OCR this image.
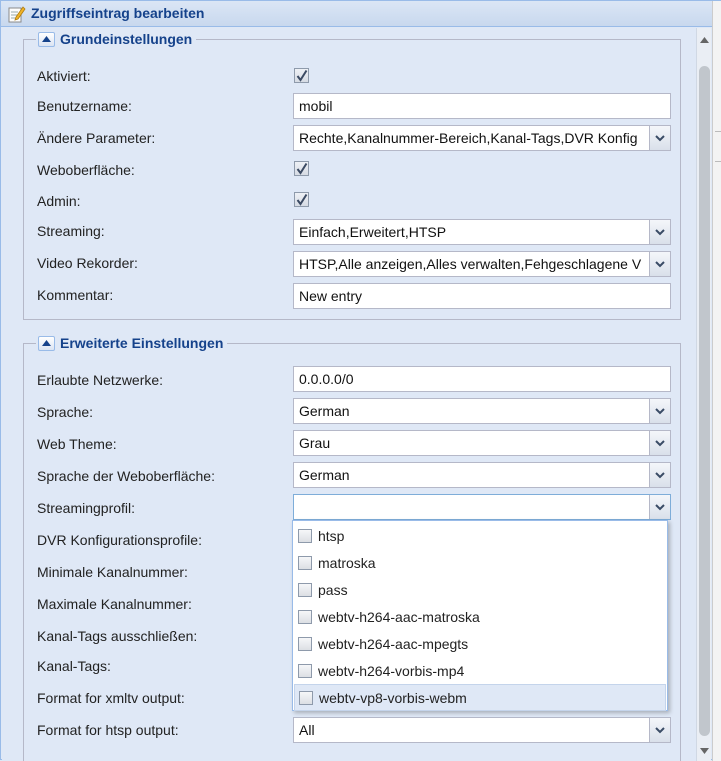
Zugriffseintrag bearbeiten
Grundeinstellungen
Aktiviert:
Benutzername:	mobil
Ändere Parameter:	Rechte,Kanalnummer-Bereich,Kanal-Tags,DVR Konfig
Weboberfläche:
Admin:
Streaming:	Einfach,Erweitert,HTSP
Video Rekorder:	HTSP,Alle anzeigen,Alles verwalten,Fehgeschlagene V
Kommentar:	New entry
Erweiterte Einstellungen
Erlaubte Netzwerke:	0.0.0.0/0
Sprache:	German
Web Theme:	Grau
Sprache der Weboberfläche:	German
Streamingprofil:
DVR Konfigurationsprofile:
Minimale Kanalnummer:
Maximale Kanalnummer:
Kanal-Tags ausschließen:
Kanal-Tags:
Format for xmltv output:
Format for htsp output:	All
htsp
matroska
pass
webtv-h264-aac-matroska
webtv-h264-aac-mpegts
webtv-h264-vorbis-mp4
webtv-vp8-vorbis-webm
